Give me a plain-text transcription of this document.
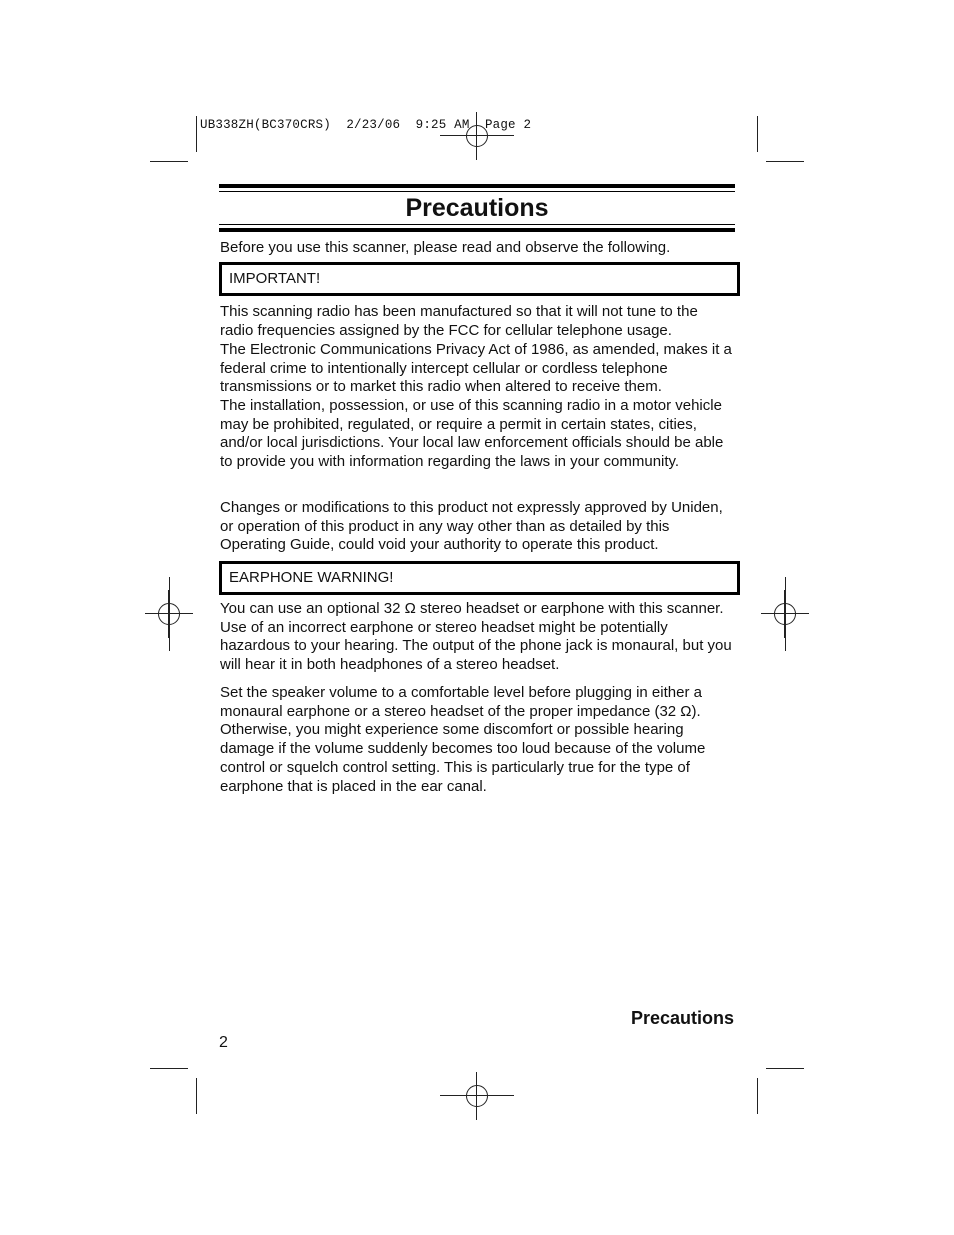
UB338ZH(BC370CRS)  2/23/06  9:25 AM  Page 2
Precautions
Before you use this scanner, please read and observe the following.
IMPORTANT!
This scanning radio has been manufactured so that it will not tune to the radio frequencies assigned by the FCC for cellular telephone usage.
The Electronic Communications Privacy Act of 1986, as amended, makes it a federal crime to intentionally intercept cellular or cordless telephone transmissions or to market this radio when altered to receive them.
The installation, possession, or use of this scanning radio in a motor vehicle may be prohibited, regulated, or require a permit in certain states, cities, and/or local jurisdictions. Your local law enforcement officials should be able to provide you with information regarding the laws in your community.
Changes or modifications to this product not expressly approved by Uniden, or operation of this product in any way other than as detailed by this Operating Guide, could void your authority to operate this product.
EARPHONE WARNING!
You can use an optional 32 Ω stereo headset or earphone with this scanner. Use of an incorrect earphone or stereo headset might be potentially hazardous to your hearing. The output of the phone jack is monaural, but you will hear it in both headphones of a stereo headset.
Set the speaker volume to a comfortable level before plugging in either a monaural earphone or a stereo headset of the proper impedance (32 Ω). Otherwise, you might experience some discomfort or possible hearing damage if the volume suddenly becomes too loud because of the volume control or squelch control setting. This is particularly true for the type of earphone that is placed in the ear canal.
Precautions
2
